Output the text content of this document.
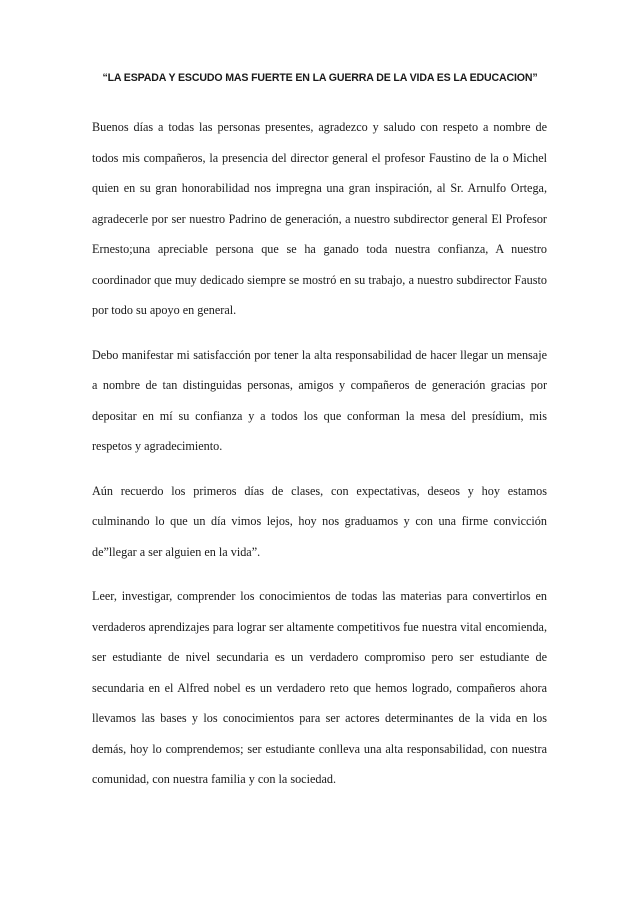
“LA ESPADA Y ESCUDO MAS FUERTE EN LA GUERRA DE LA VIDA ES LA EDUCACION”

Buenos días a todas las personas presentes, agradezco y saludo con respeto a nombre de todos mis compañeros, la presencia del director general el profesor Faustino de la o Michel quien en su gran honorabilidad nos impregna una gran inspiración, al Sr. Arnulfo Ortega, agradecerle por ser nuestro Padrino de generación, a nuestro subdirector general El Profesor Ernesto;una apreciable persona que se ha ganado toda nuestra confianza, A nuestro coordinador que muy dedicado siempre se mostró en su trabajo, a nuestro subdirector Fausto por todo su apoyo en general.

Debo manifestar mi satisfacción por tener la alta responsabilidad de hacer llegar un mensaje a nombre de tan distinguidas personas, amigos y compañeros de generación gracias por depositar en mí su confianza y a todos los que conforman la mesa del presídium, mis respetos y agradecimiento.

Aún recuerdo los primeros días de clases, con expectativas, deseos y hoy estamos culminando lo que un día vimos lejos, hoy nos graduamos y con una firme convicción de”llegar a ser alguien en la vida”.

Leer, investigar, comprender los conocimientos de todas las materias para convertirlos en verdaderos aprendizajes para lograr ser altamente competitivos fue nuestra vital encomienda, ser estudiante de nivel secundaria es un verdadero compromiso pero ser estudiante de secundaria en el Alfred nobel es un verdadero reto que hemos logrado, compañeros ahora llevamos las bases y los conocimientos para ser actores determinantes de la vida en los demás, hoy lo comprendemos; ser estudiante conlleva una alta responsabilidad, con nuestra comunidad, con nuestra familia y con la sociedad.
